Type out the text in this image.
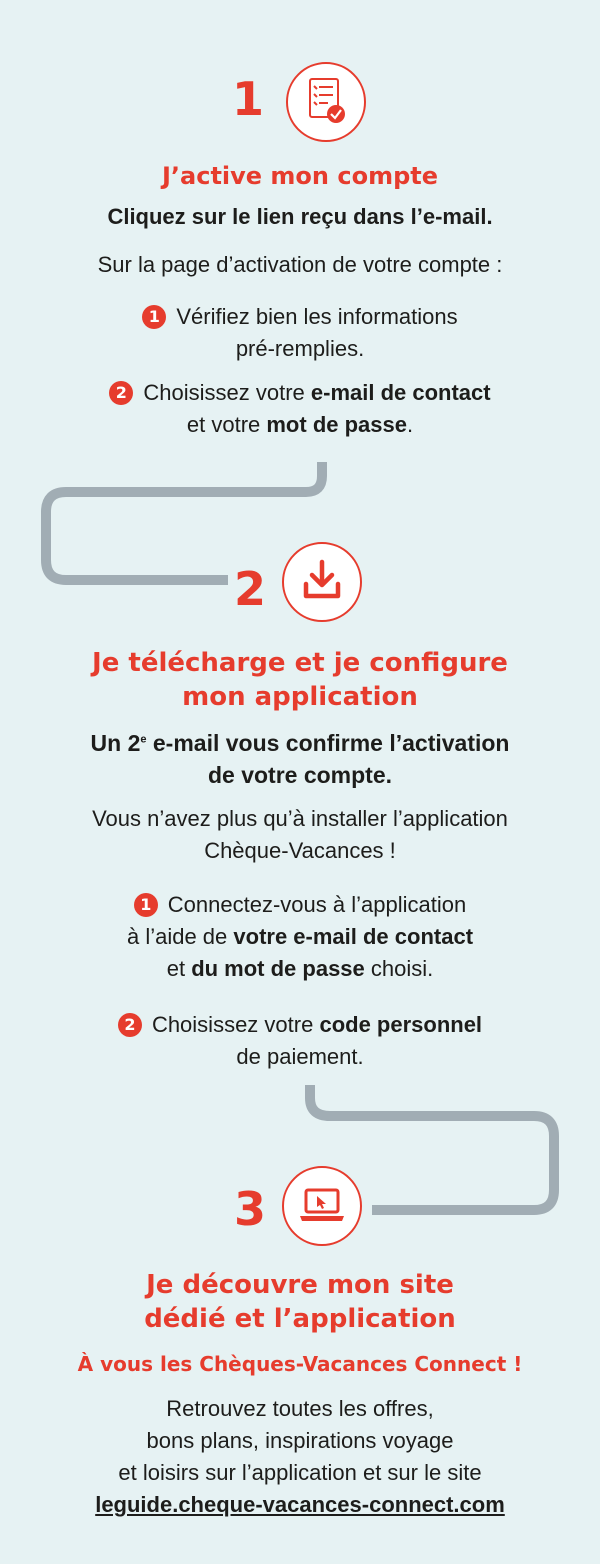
1
J’active mon compte
Cliquez sur le lien reçu dans l’e-mail.
Sur la page d’activation de votre compte :
1 Vérifiez bien les informations
pré-remplies.
2 Choisissez votre e-mail de contact
et votre mot de passe.
2
Je télécharge et je configure
mon application
Un 2e e-mail vous confirme l’activation
de votre compte.
Vous n’avez plus qu’à installer l’application
Chèque-Vacances !
1 Connectez-vous à l’application
à l’aide de votre e-mail de contact
et du mot de passe choisi.
2 Choisissez votre code personnel
de paiement.
3
Je découvre mon site
dédié et l’application
À vous les Chèques-Vacances Connect !
Retrouvez toutes les offres,
bons plans, inspirations voyage
et loisirs sur l’application et sur le site
leguide.cheque-vacances-connect.com
